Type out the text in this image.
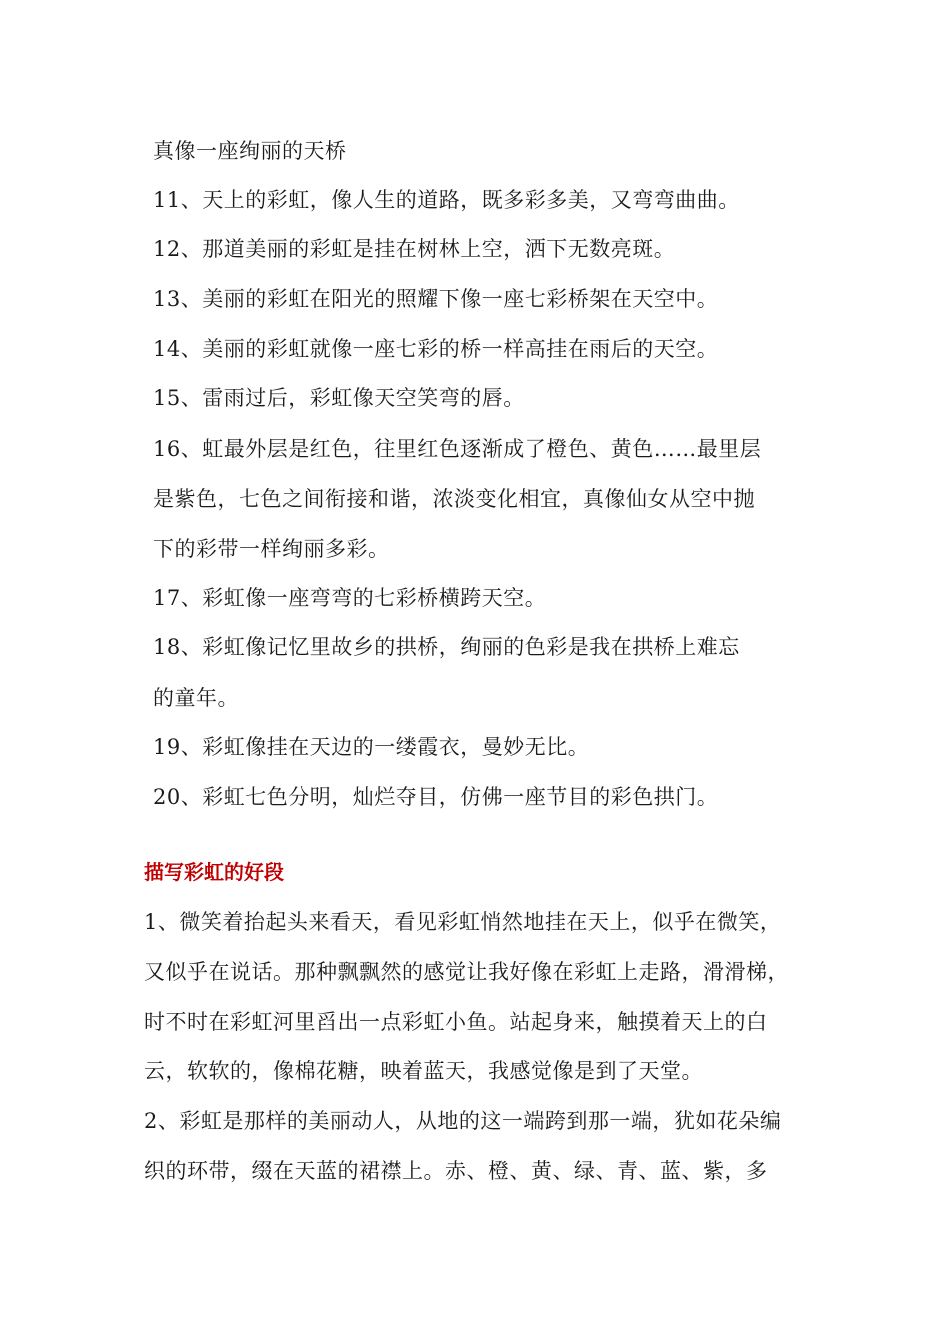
真像一座绚丽的天桥
11、天上的彩虹，像人生的道路，既多彩多美，又弯弯曲曲。
12、那道美丽的彩虹是挂在树林上空，洒下无数亮斑。
13、美丽的彩虹在阳光的照耀下像一座七彩桥架在天空中。
14、美丽的彩虹就像一座七彩的桥一样高挂在雨后的天空。
15、雷雨过后，彩虹像天空笑弯的唇。
16、虹最外层是红色，往里红色逐渐成了橙色、黄色……最里层
是紫色，七色之间衔接和谐，浓淡变化相宜，真像仙女从空中抛
下的彩带一样绚丽多彩。
17、彩虹像一座弯弯的七彩桥横跨天空。
18、彩虹像记忆里故乡的拱桥，绚丽的色彩是我在拱桥上难忘
的童年。
19、彩虹像挂在天边的一缕霞衣，曼妙无比。
20、彩虹七色分明，灿烂夺目，仿佛一座节目的彩色拱门。
描写彩虹的好段
1、微笑着抬起头来看天，看见彩虹悄然地挂在天上，似乎在微笑，
又似乎在说话。那种飘飘然的感觉让我好像在彩虹上走路，滑滑梯，
时不时在彩虹河里舀出一点彩虹小鱼。站起身来，触摸着天上的白
云，软软的，像棉花糖，映着蓝天，我感觉像是到了天堂。
2、彩虹是那样的美丽动人，从地的这一端跨到那一端，犹如花朵编
织的环带，缀在天蓝的裙襟上。赤、橙、黄、绿、青、蓝、紫，多
